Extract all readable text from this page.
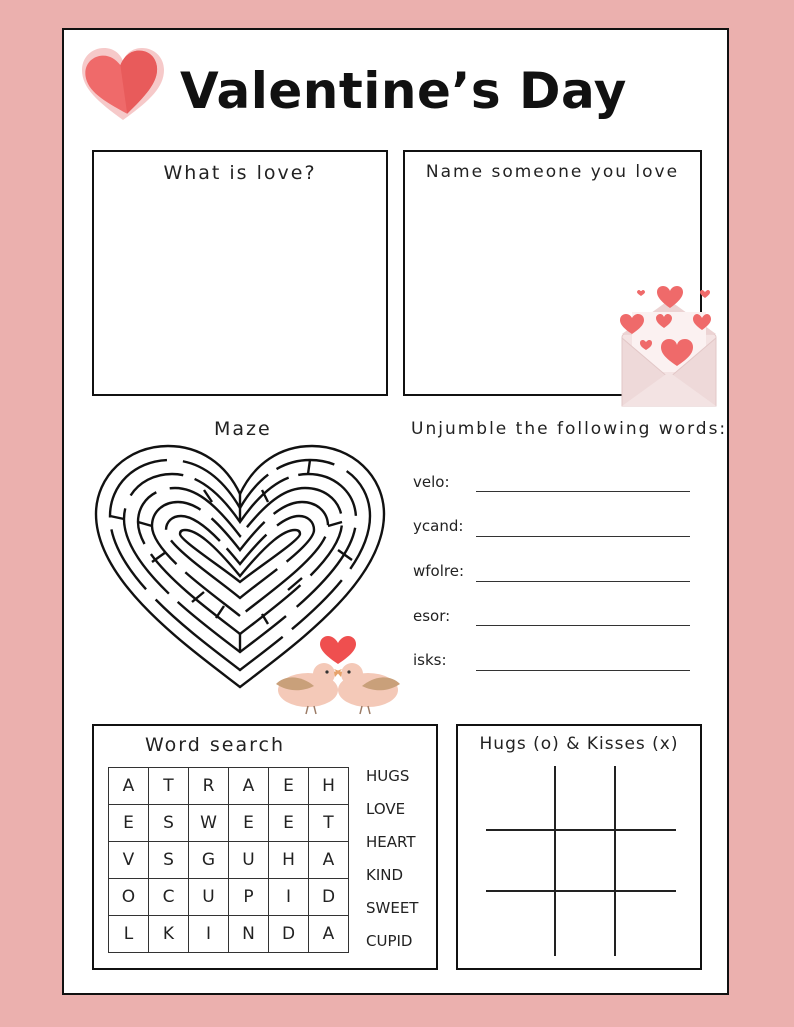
Valentine’s Day
What is love?	Name someone you love
Maze	Unjumble the following words:
velo:
ycand:
wfolre:
esor:
isks:
Word search
A	T	R	A	E	H
E	S	W	E	E	T
V	S	G	U	H	A
O	C	U	P	I	D
L	K	I	N	D	A
HUGS
LOVE
HEART
KIND
SWEET
CUPID
Hugs (o) & Kisses (x)
